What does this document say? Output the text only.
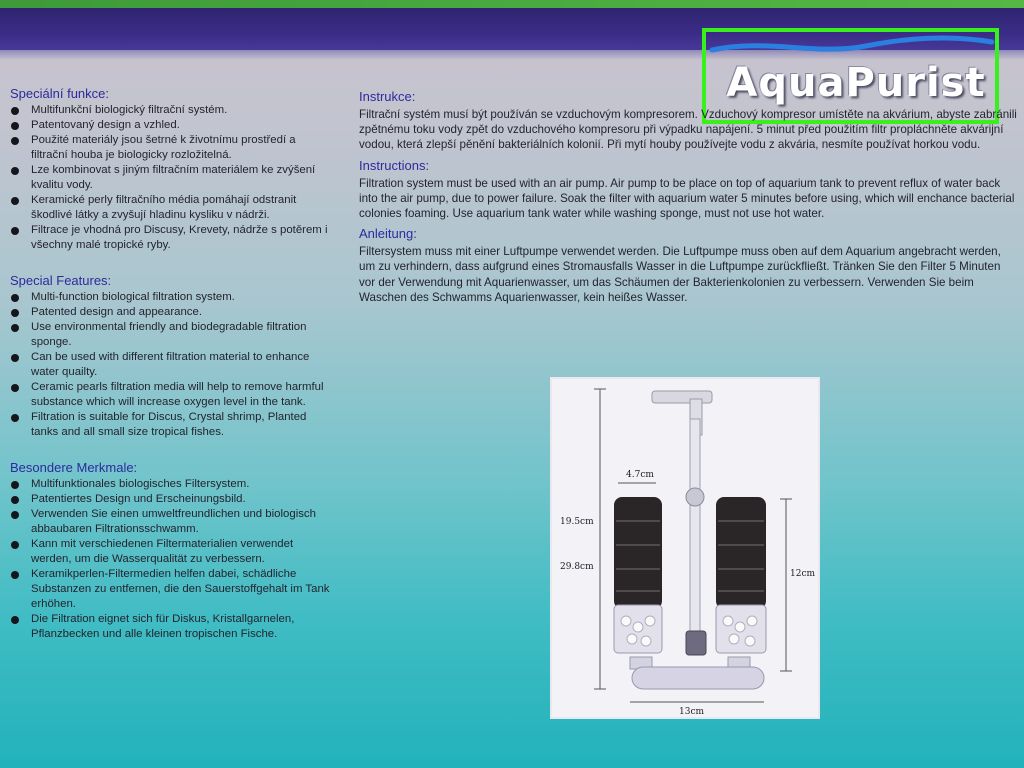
AquaPurist
Speciální funkce:
Multifunkční biologický filtrační systém.
Patentovaný design a vzhled.
Použité materiály jsou šetrné k životnímu prostředí a filtrační houba je biologicky rozložitelná.
Lze kombinovat s jiným filtračním materiálem ke zvýšení kvalitu vody.
Keramické perly filtračního média pomáhají odstranit škodlivé látky a zvyšují hladinu kysliku v nádrži.
Filtrace je vhodná pro Discusy, Krevety, nádrže s potěrem i všechny malé tropické ryby.
Special Features:
Multi-function biological filtration system.
Patented design and appearance.
Use environmental friendly and biodegradable filtration sponge.
Can be used with different filtration material to enhance water quailty.
Ceramic pearls filtration media will help to remove harmful substance which will increase oxygen level in the tank.
Filtration is suitable for Discus, Crystal shrimp, Planted tanks and all small size tropical fishes.
Besondere Merkmale:
Multifunktionales biologisches Filtersystem.
Patentiertes Design und Erscheinungsbild.
Verwenden Sie einen umweltfreundlichen und biologisch abbaubaren Filtrationsschwamm.
Kann mit verschiedenen Filtermaterialien verwendet werden, um die Wasserqualität zu verbessern.
Keramikperlen-Filtermedien helfen dabei, schädliche Substanzen zu entfernen, die den Sauerstoffgehalt im Tank erhöhen.
Die Filtration eignet sich für Diskus, Kristallgarnelen, Pflanzbecken und alle kleinen tropischen Fische.
Instrukce:

Filtrační systém musí být používán se vzduchovým kompresorem. Vzduchový kompresor umístěte na akvárium, abyste zabránili zpětnému toku vody zpět do vzduchového kompresoru při výpadku napájení. 5 minut před použitím filtr propláchněte akvárijní vodou, která zlepší pěnění bakteriálních kolonií. Při mytí houby používejte vodu z akvária, nesmíte používat horkou vodu.

Instructions:

Filtration system must be used with an air pump. Air pump to be place on top of aquarium tank to prevent reflux of water back into the air pump, due to power failure. Soak the filter with aquarium water 5 minutes before using, which will enchance bacterial colonies foaming. Use aquarium tank water while washing sponge, must not use hot water.

Anleitung:

Filtersystem muss mit einer Luftpumpe verwendet werden. Die Luftpumpe muss oben auf dem Aquarium angebracht werden, um zu verhindern, dass aufgrund eines Stromausfalls Wasser in die Luftpumpe zurückfließt. Tränken Sie den Filter 5 Minuten vor der Verwendung mit Aquarienwasser, um das Schäumen der Bakterienkolonien zu verbessern. Verwenden Sie beim Waschen des Schwamms Aquarienwasser, kein heißes Wasser.

19.5cm
29.8cm
12cm
4.7cm
13cm
